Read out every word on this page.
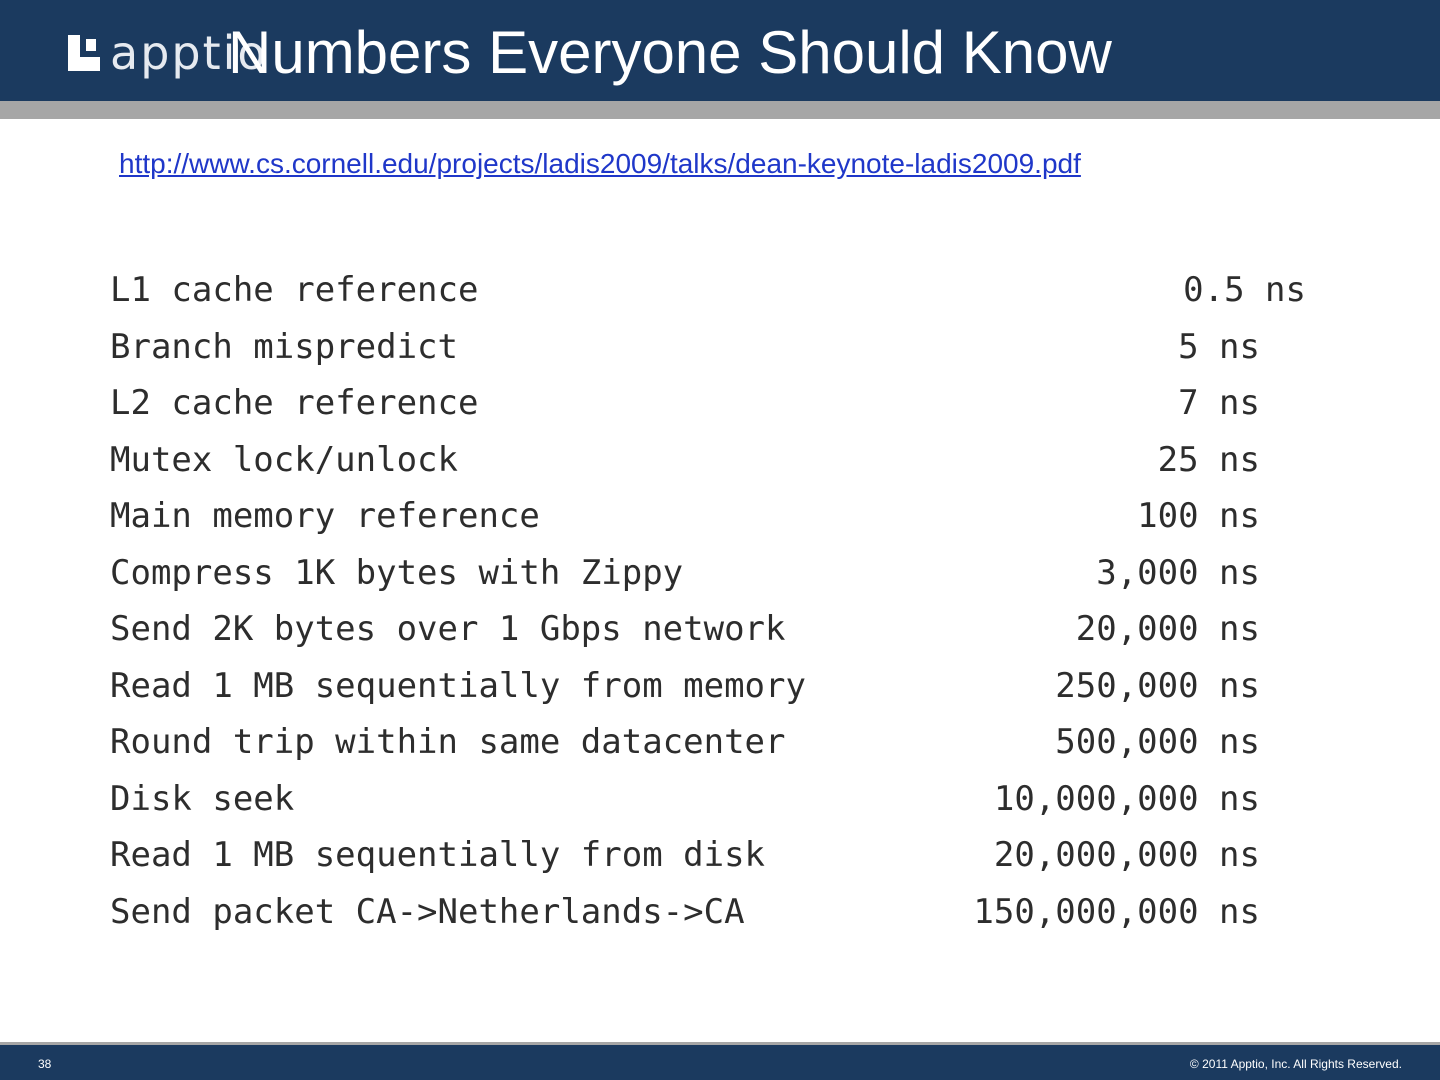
apptio
Numbers Everyone Should Know
http://www.cs.cornell.edu/projects/ladis2009/talks/dean-keynote-ladis2009.pdf
L1 cache reference	0.5 ns
Branch mispredict	5 ns
L2 cache reference	7 ns
Mutex lock/unlock	25 ns
Main memory reference	100 ns
Compress 1K bytes with Zippy	3,000 ns
Send 2K bytes over 1 Gbps network	20,000 ns
Read 1 MB sequentially from memory	250,000 ns
Round trip within same datacenter	500,000 ns
Disk seek	10,000,000 ns
Read 1 MB sequentially from disk	20,000,000 ns
Send packet CA->Netherlands->CA	150,000,000 ns
38	© 2011 Apptio, Inc. All Rights Reserved.
